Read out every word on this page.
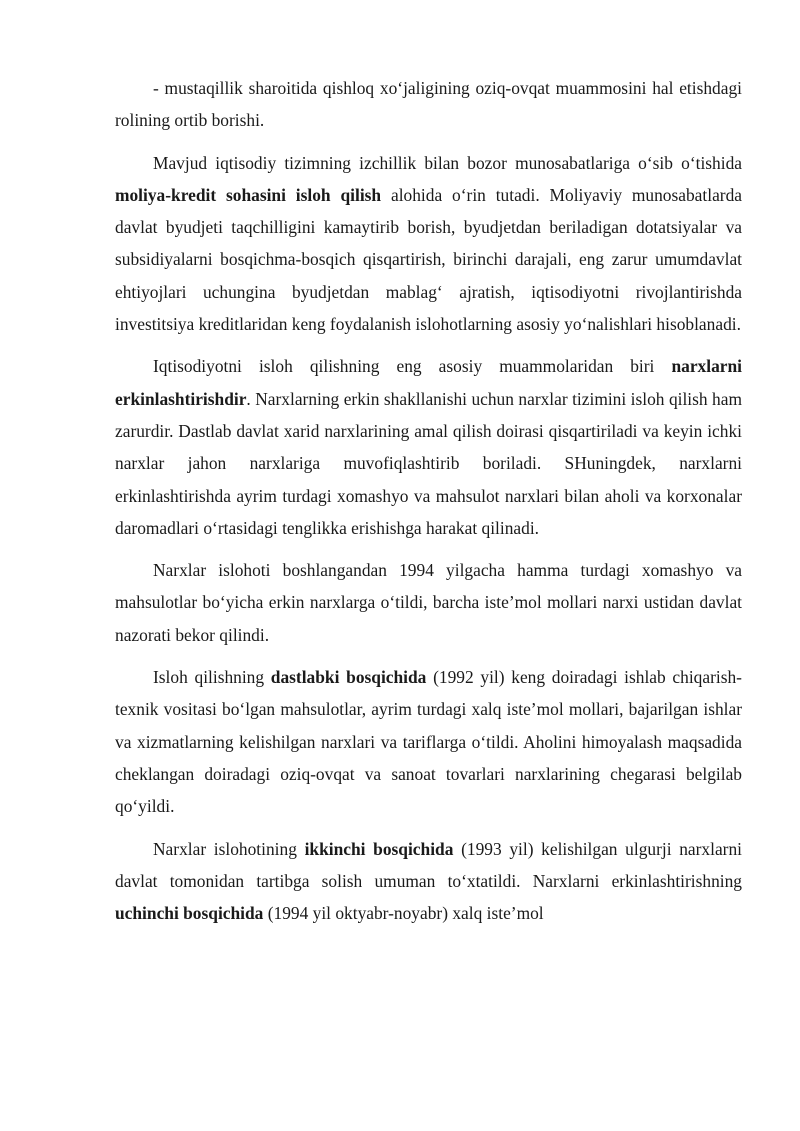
- mustaqillik sharoitida qishloq xo‘jaligining oziq-ovqat muammosini hal etishdagi rolining ortib borishi.

Mavjud iqtisodiy tizimning izchillik bilan bozor munosabatlariga o‘sib o‘tishida moliya-kredit sohasini isloh qilish alohida o‘rin tutadi. Moliyaviy munosabatlarda davlat byudjeti taqchilligini kamaytirib borish, byudjetdan beriladigan dotatsiyalar va subsidiyalarni bosqichma-bosqich qisqartirish, birinchi darajali, eng zarur umumdavlat ehtiyojlari uchungina byudjetdan mablag‘ ajratish, iqtisodiyotni rivojlantirishda investitsiya kreditlaridan keng foydalanish islohotlarning asosiy yo‘nalishlari hisoblanadi.

Iqtisodiyotni isloh qilishning eng asosiy muammolaridan biri narxlarni erkinlashtirishdir. Narxlarning erkin shakllanishi uchun narxlar tizimini isloh qilish ham zarurdir. Dastlab davlat xarid narxlarining amal qilish doirasi qisqartiriladi va keyin ichki narxlar jahon narxlariga muvofiqlashtirib boriladi. SHuningdek, narxlarni erkinlashtirishda ayrim turdagi xomashyo va mahsulot narxlari bilan aholi va korxonalar daromadlari o‘rtasidagi tenglikka erishishga harakat qilinadi.

Narxlar islohoti boshlangandan 1994 yilgacha hamma turdagi xomashyo va mahsulotlar bo‘yicha erkin narxlarga o‘tildi, barcha iste’mol mollari narxi ustidan davlat nazorati bekor qilindi.

Isloh qilishning dastlabki bosqichida (1992 yil) keng doiradagi ishlab chiqarish-texnik vositasi bo‘lgan mahsulotlar, ayrim turdagi xalq iste’mol mollari, bajarilgan ishlar va xizmatlarning kelishilgan narxlari va tariflarga o‘tildi. Aholini himoyalash maqsadida cheklangan doiradagi oziq-ovqat va sanoat tovarlari narxlarining chegarasi belgilab qo‘yildi.

Narxlar islohotining ikkinchi bosqichida (1993 yil) kelishilgan ulgurji narxlarni davlat tomonidan tartibga solish umuman to‘xtatildi. Narxlarni erkinlashtirishning uchinchi bosqichida (1994 yil oktyabr-noyabr) xalq iste’mol
